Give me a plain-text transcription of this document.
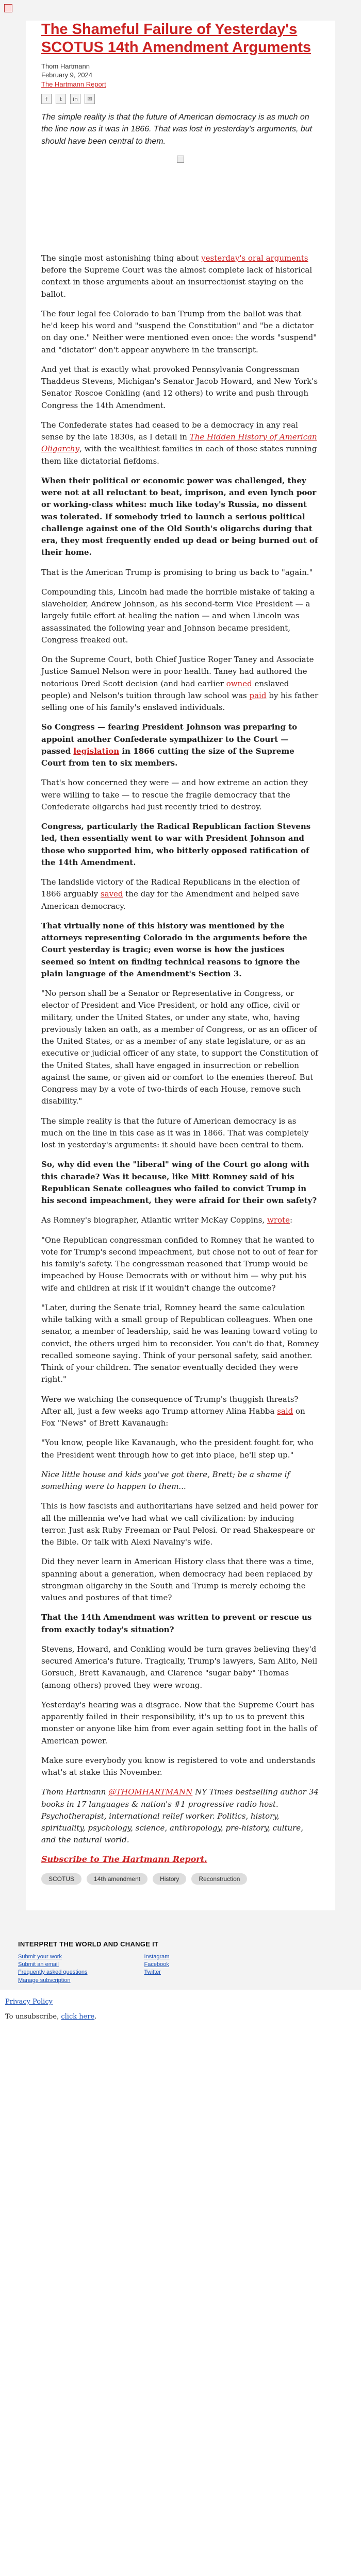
The Shameful Failure of Yesterday's SCOTUS 14th Amendment Arguments
Thom Hartmann
February 9, 2024
The Hartmann Report
f	t	in	✉
The simple reality is that the future of American democracy is as much on the line now as it was in 1866. That was lost in yesterday's arguments, but should have been central to them.

The single most astonishing thing about yesterday's oral arguments before the Supreme Court was the almost complete lack of historical context in those arguments about an insurrectionist staying on the ballot.

The four legal fee Colorado to ban Trump from the ballot was that he'd keep his word and "suspend the Constitution" and "be a dictator on day one." Neither were mentioned even once: the words "suspend" and "dictator" don't appear anywhere in the transcript.

And yet that is exactly what provoked Pennsylvania Congressman Thaddeus Stevens, Michigan's Senator Jacob Howard, and New York's Senator Roscoe Conkling (and 12 others) to write and push through Congress the 14th Amendment.

The Confederate states had ceased to be a democracy in any real sense by the late 1830s, as I detail in The Hidden History of American Oligarchy, with the wealthiest families in each of those states running them like dictatorial fiefdoms.

When their political or economic power was challenged, they were not at all reluctant to beat, imprison, and even lynch poor or working-class whites: much like today's Russia, no dissent was tolerated. If somebody tried to launch a serious political challenge against one of the Old South's oligarchs during that era, they most frequently ended up dead or being burned out of their home.

That is the American Trump is promising to bring us back to "again."

Compounding this, Lincoln had made the horrible mistake of taking a slaveholder, Andrew Johnson, as his second-term Vice President — a largely futile effort at healing the nation — and when Lincoln was assassinated the following year and Johnson became president, Congress freaked out.

On the Supreme Court, both Chief Justice Roger Taney and Associate Justice Samuel Nelson were in poor health. Taney had authored the notorious Dred Scott decision (and had earlier owned enslaved people) and Nelson's tuition through law school was paid by his father selling one of his family's enslaved individuals.

So Congress — fearing President Johnson was preparing to appoint another Confederate sympathizer to the Court — passed legislation in 1866 cutting the size of the Supreme Court from ten to six members.

That's how concerned they were — and how extreme an action they were willing to take — to rescue the fragile democracy that the Confederate oligarchs had just recently tried to destroy.

Congress, particularly the Radical Republican faction Stevens led, then essentially went to war with President Johnson and those who supported him, who bitterly opposed ratification of the 14th Amendment.

The landslide victory of the Radical Republicans in the election of 1866 arguably saved the day for the Amendment and helped save American democracy.

That virtually none of this history was mentioned by the attorneys representing Colorado in the arguments before the Court yesterday is tragic; even worse is how the justices seemed so intent on finding technical reasons to ignore the plain language of the Amendment's Section 3.

"No person shall be a Senator or Representative in Congress, or elector of President and Vice President, or hold any office, civil or military, under the United States, or under any state, who, having previously taken an oath, as a member of Congress, or as an officer of the United States, or as a member of any state legislature, or as an executive or judicial officer of any state, to support the Constitution of the United States, shall have engaged in insurrection or rebellion against the same, or given aid or comfort to the enemies thereof. But Congress may by a vote of two-thirds of each House, remove such disability."

The simple reality is that the future of American democracy is as much on the line in this case as it was in 1866. That was completely lost in yesterday's arguments: it should have been central to them.

So, why did even the "liberal" wing of the Court go along with this charade? Was it because, like Mitt Romney said of his Republican Senate colleagues who failed to convict Trump in his second impeachment, they were afraid for their own safety?

As Romney's biographer, Atlantic writer McKay Coppins, wrote:

"One Republican congressman confided to Romney that he wanted to vote for Trump's second impeachment, but chose not to out of fear for his family's safety. The congressman reasoned that Trump would be impeached by House Democrats with or without him — why put his wife and children at risk if it wouldn't change the outcome?

"Later, during the Senate trial, Romney heard the same calculation while talking with a small group of Republican colleagues. When one senator, a member of leadership, said he was leaning toward voting to convict, the others urged him to reconsider. You can't do that, Romney recalled someone saying. Think of your personal safety, said another. Think of your children. The senator eventually decided they were right."

Were we watching the consequence of Trump's thuggish threats? After all, just a few weeks ago Trump attorney Alina Habba said on Fox "News" of Brett Kavanaugh:

"You know, people like Kavanaugh, who the president fought for, who the President went through how to get into place, he'll step up."

Nice little house and kids you've got there, Brett; be a shame if something were to happen to them...

This is how fascists and authoritarians have seized and held power for all the millennia we've had what we call civilization: by inducing terror. Just ask Ruby Freeman or Paul Pelosi. Or read Shakespeare or the Bible. Or talk with Alexi Navalny's wife.

Did they never learn in American History class that there was a time, spanning about a generation, when democracy had been replaced by strongman oligarchy in the South and Trump is merely echoing the values and postures of that time?

That the 14th Amendment was written to prevent or rescue us from exactly today's situation?

Stevens, Howard, and Conkling would be turn graves believing they'd secured America's future. Tragically, Trump's lawyers, Sam Alito, Neil Gorsuch, Brett Kavanaugh, and Clarence "sugar baby" Thomas (among others) proved they were wrong.

Yesterday's hearing was a disgrace. Now that the Supreme Court has apparently failed in their responsibility, it's up to us to prevent this monster or anyone like him from ever again setting foot in the halls of American power.

Make sure everybody you know is registered to vote and understands what's at stake this November.

Thom Hartmann @THOMHARTMANN NY Times bestselling author 34 books in 17 languages & nation's #1 progressive radio host. Psychotherapist, international relief worker. Politics, history, spirituality, psychology, science, anthropology, pre-history, culture, and the natural world.

Subscribe to The Hartmann Report.
SCOTUS	14th amendment	History	Reconstruction
INTERPRET THE WORLD AND CHANGE IT
Submit your work
Submit an email
Frequently asked questions
Manage subscription
Instagram
Facebook
Twitter
Privacy Policy
To unsubscribe, click here.
